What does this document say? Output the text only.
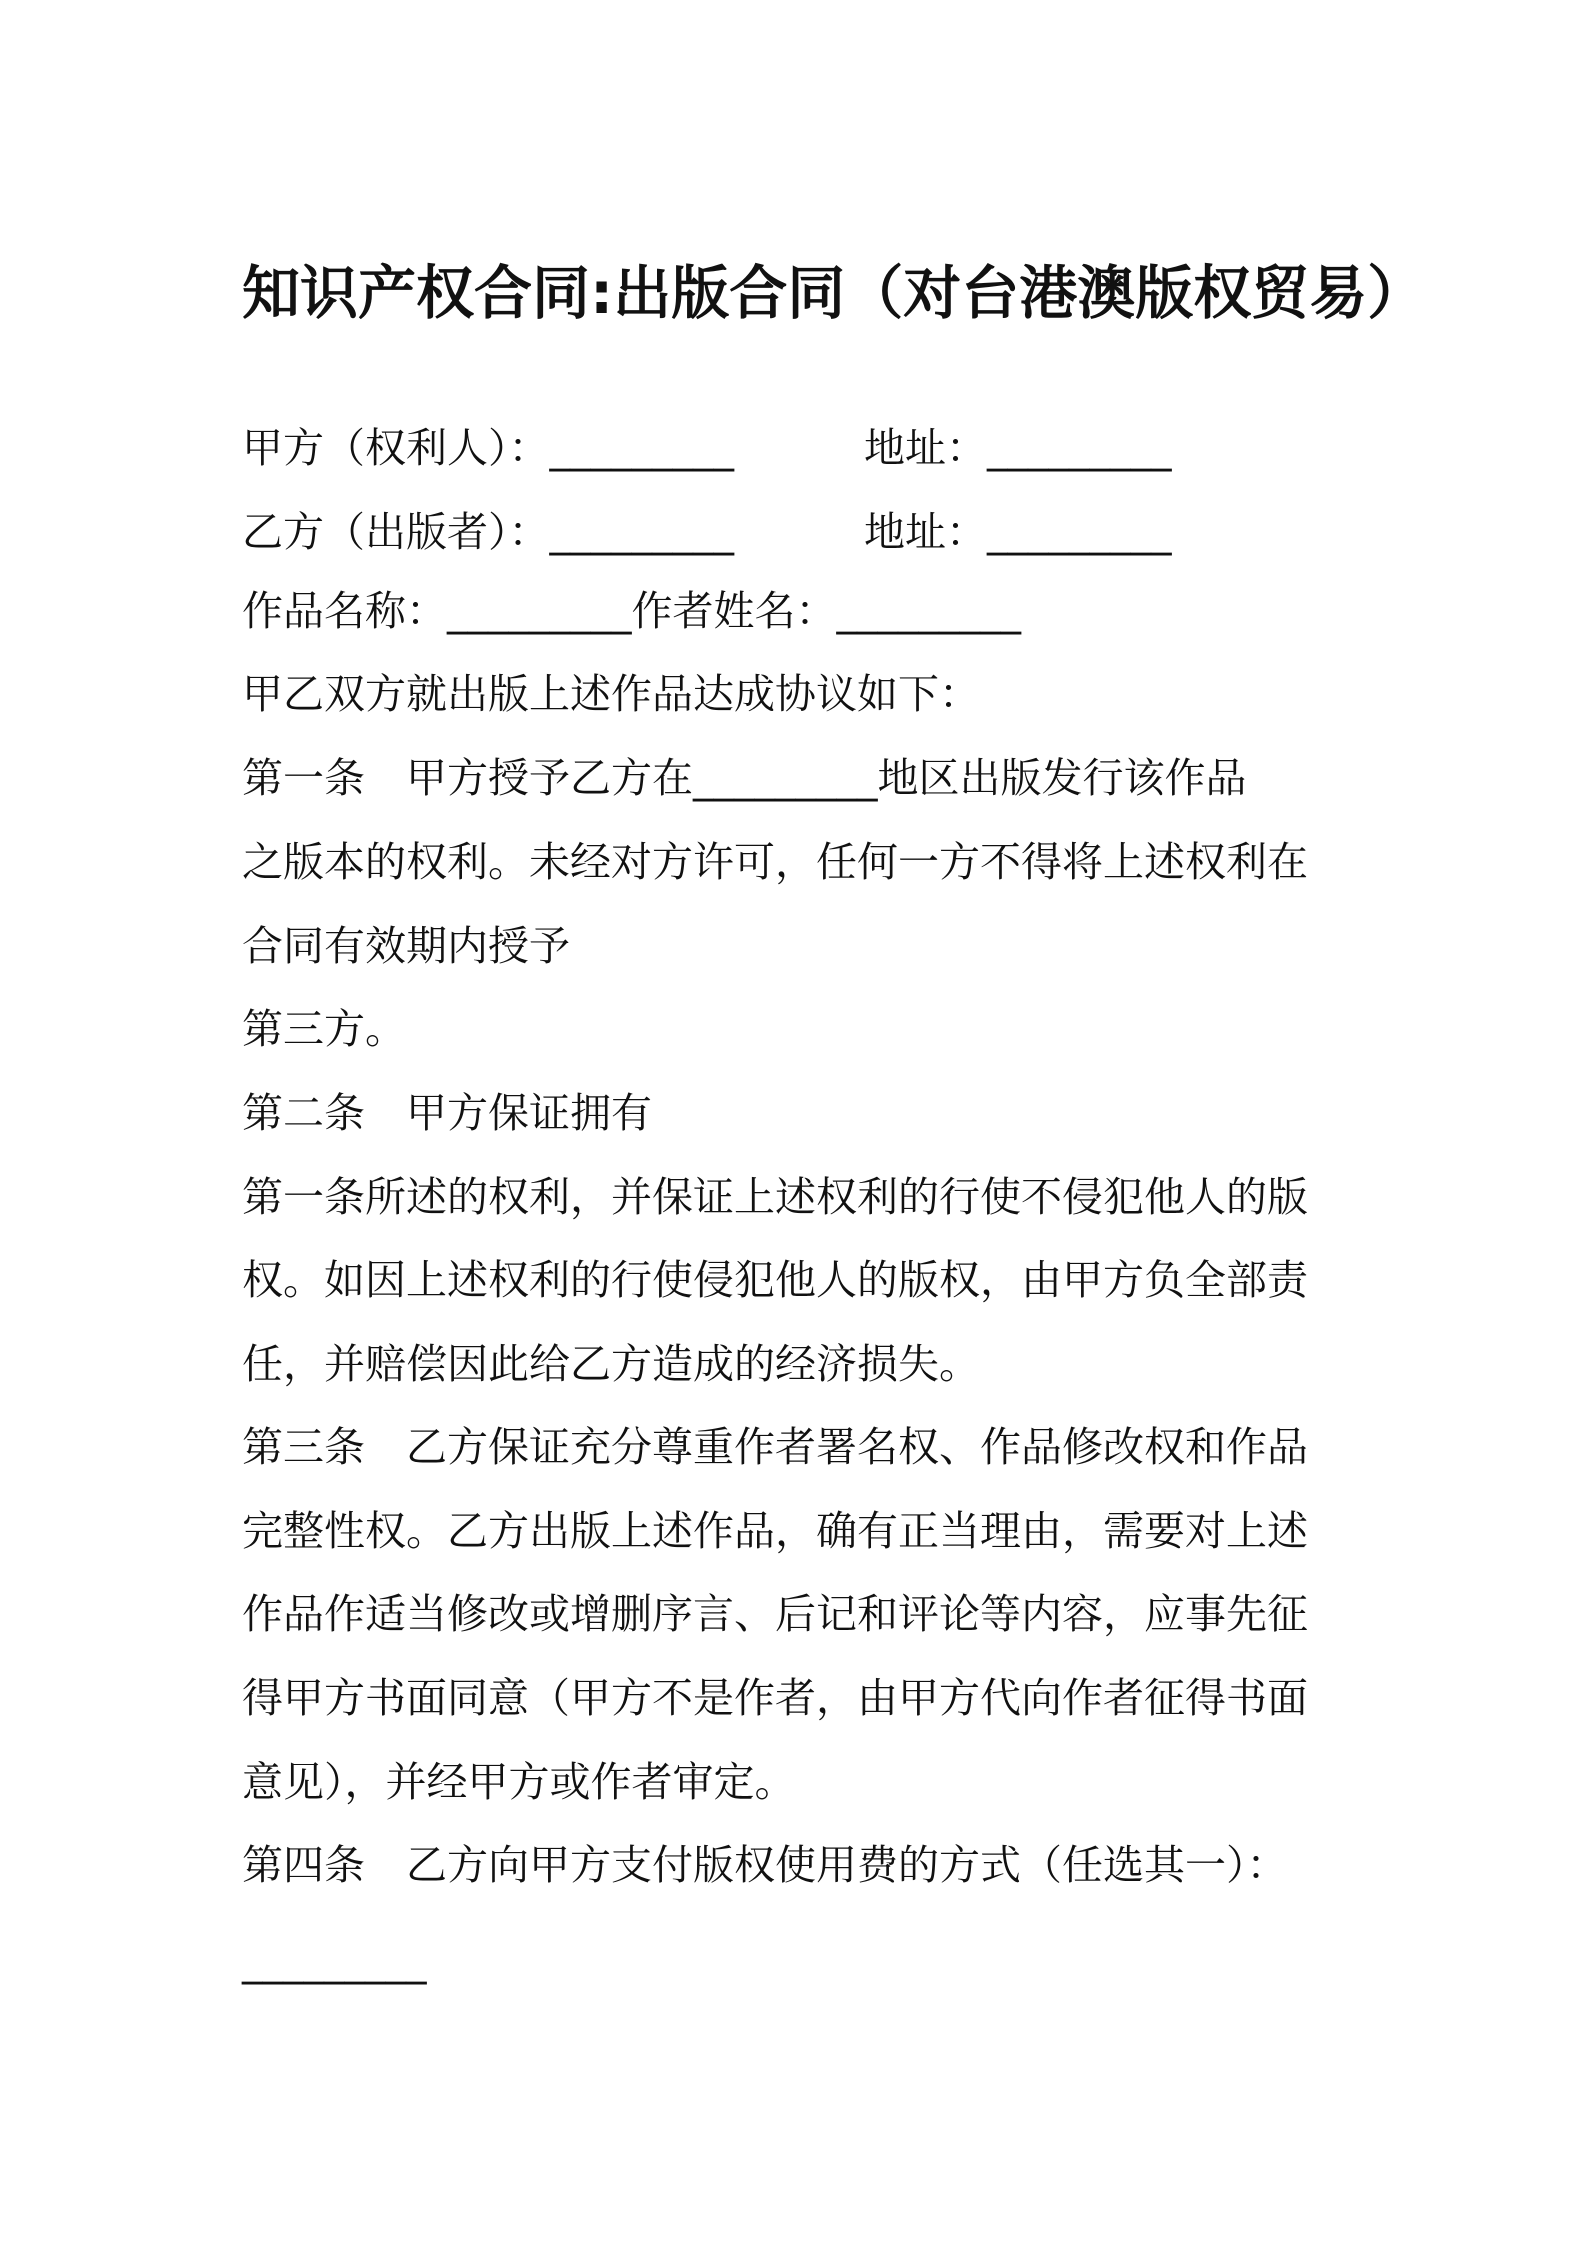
知识产权合同:出版合同（对台港澳版权贸易）
甲方（权利人）：_________	地址：_________
乙方（出版者）：_________	地址：_________
作品名称：_________作者姓名：_________
甲乙双方就出版上述作品达成协议如下：
第一条　甲方授予乙方在_________地区出版发行该作品
之版本的权利。未经对方许可，任何一方不得将上述权利在
合同有效期内授予
第三方。
第二条　甲方保证拥有
第一条所述的权利，并保证上述权利的行使不侵犯他人的版
权。如因上述权利的行使侵犯他人的版权，由甲方负全部责
任，并赔偿因此给乙方造成的经济损失。
第三条　乙方保证充分尊重作者署名权、作品修改权和作品
完整性权。乙方出版上述作品，确有正当理由，需要对上述
作品作适当修改或增删序言、后记和评论等内容，应事先征
得甲方书面同意（甲方不是作者，由甲方代向作者征得书面
意见），并经甲方或作者审定。
第四条　乙方向甲方支付版权使用费的方式（任选其一）：
_________
